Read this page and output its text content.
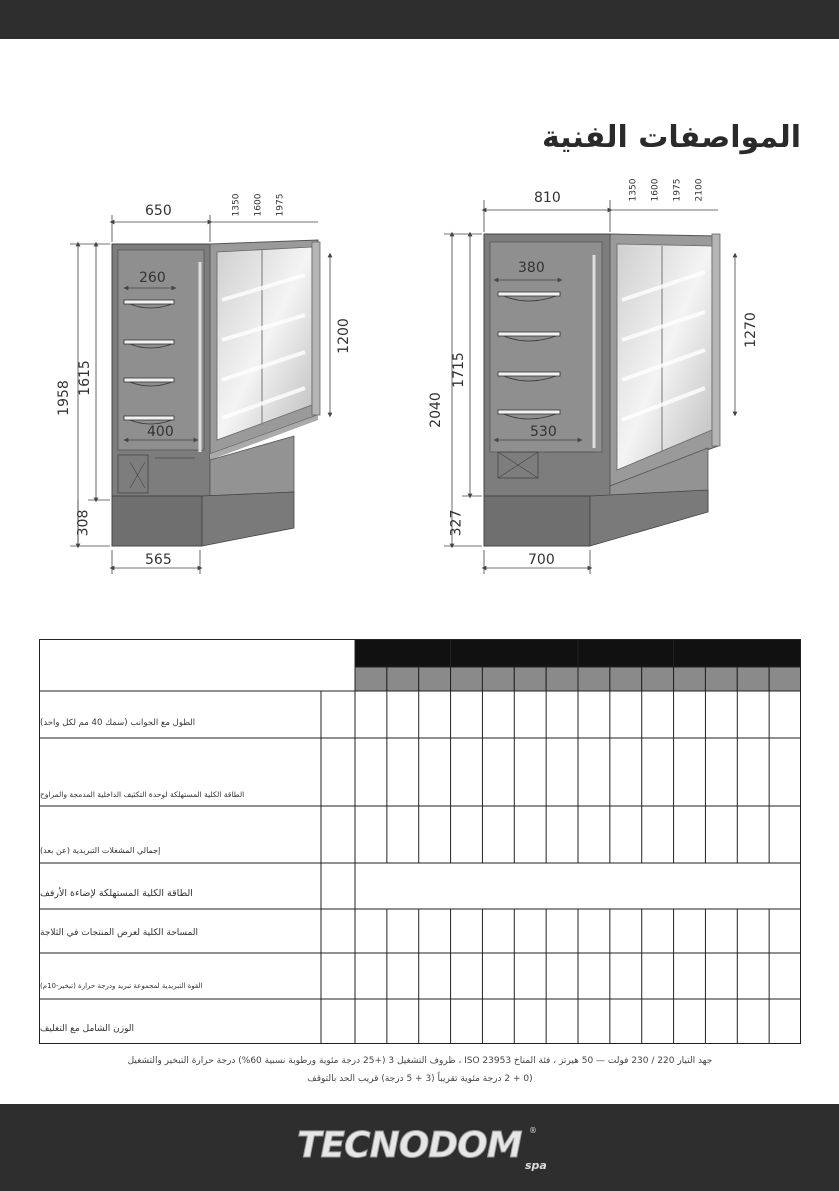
المواصفات الفنية
650	1350 1600 1975
1958
1615
308
260
400
1200
565
810	1350 1600 1975 2100
2040
1715
327
380
530
1270
700
الطول مع الجوانب (سمك 40 مم لكل واحد)
الطاقة الكلية المستهلكة لوحدة التكثيف الداخلية المدمجة والمراوح
إجمالي المشغلات التبريدية (عن بعد)
الطاقة الكلية المستهلكة لإضاءة الأرفف
المساحة الكلية لعرض المنتجات في الثلاجة
القوة التبريدية لمجموعة تبريد ودرجة حرارة (تبخير-10م)
الوزن الشامل مع التغليف
جهد التيار 220 / 230 فولت — 50 هيرتز ، فئة المناخ ISO 23953 ، ظروف التشغيل 3 (+25 درجة مئوية ورطوبة نسبية 60%) درجة حرارة التبخير والتشغيل
(0 + 2 درجة مئوية تقريباً (3 + 5 درجة) قريب الحد بالتوقف
TECNODOM ®
spa
